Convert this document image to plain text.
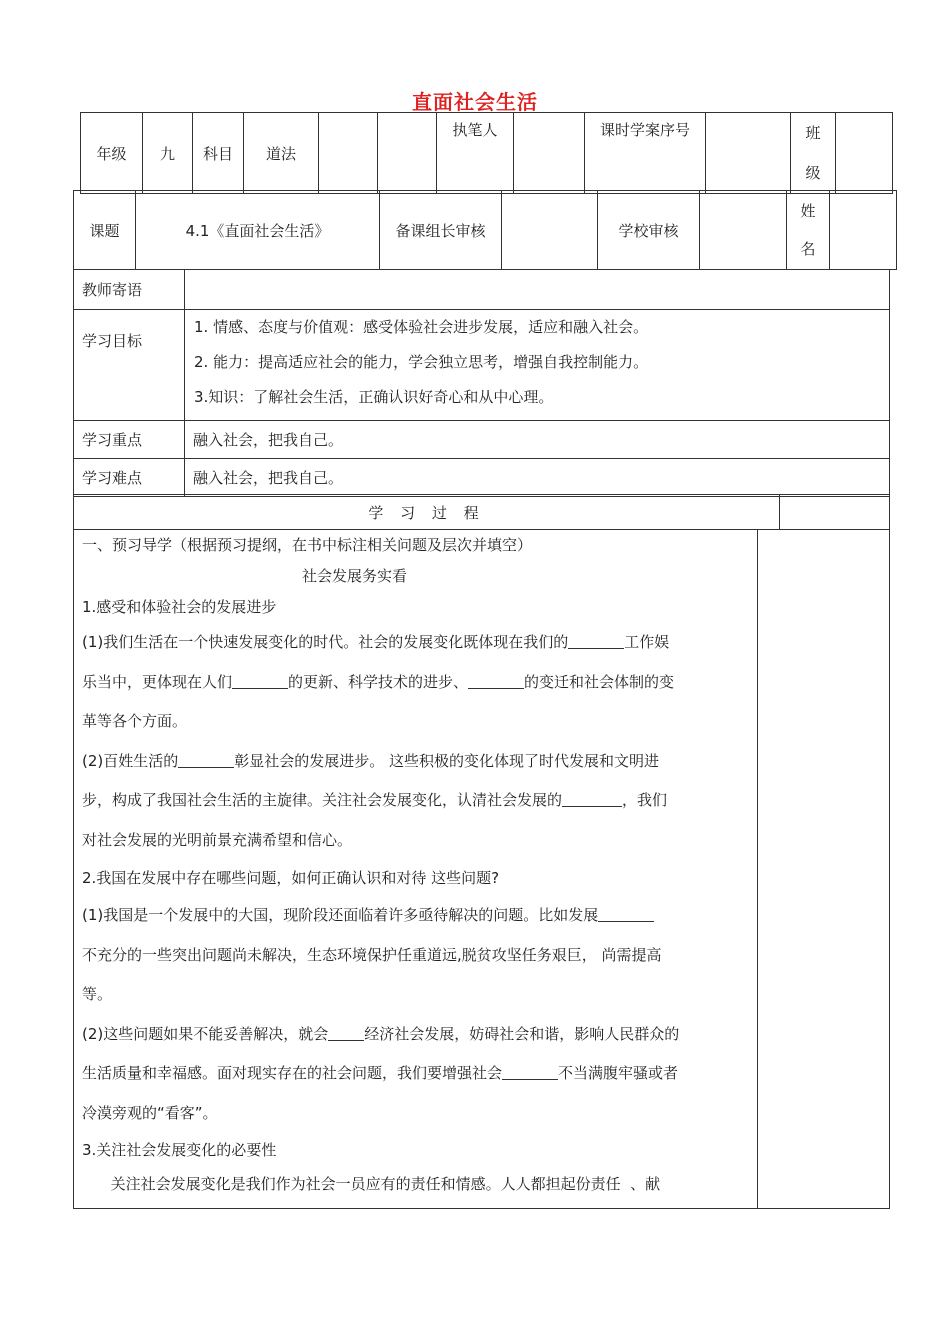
直面社会生活
年级	九	科目	道法			执笔人		课时学案序号		班
级

课题	4.1《直面社会生活》	备课组长审核		学校审核		
姓
名

教师寄语	
学习目标	1. 情感、态度与价值观：感受体验社会进步发展，适应和融入社会。
2. 能力：提高适应社会的能力，学会独立思考，增强自我控制能力。
3.知识：了解社会生活，正确认识好奇心和从中心理。

学习重点	融入社会，把我自己。
学习难点	融入社会，把我自己。
学 习 过 程	
一、预习导学（根据预习提纲，在书中标注相关问题及层次并填空）
社会发展务实看
1.感受和体验社会的发展进步
(1)我们生活在一个快速发展变化的时代。社会的发展变化既体现在我们的	工作娱
乐当中，更体现在人们	的更新、科学技术的进步、	的变迁和社会体制的变
革等各个方面。
(2)百姓生活的	彰显社会的发展进步。 这些积极的变化体现了时代发展和文明进
步，构成了我国社会生活的主旋律。关注社会发展变化，认清社会发展的	，我们
对社会发展的光明前景充满希望和信心。
2.我国在发展中存在哪些问题，如何正确认识和对待 这些问题?
(1)我国是一个发展中的大国，现阶段还面临着许多亟待解决的问题。比如发展
不充分的一些突出问题尚未解决，生态环境保护任重道远,脱贫攻坚任务艰巨， 尚需提高
等。
(2)这些问题如果不能妥善解决，就会 经济社会发展，妨碍社会和谐，影响人民群众的
生活质量和幸福感。面对现实存在的社会问题，我们要增强社会	不当满腹牢骚或者
冷漠旁观的“看客”。
3.关注社会发展变化的必要性
关注社会发展变化是我们作为社会一员应有的责任和情感。人人都担起份责任  、献
